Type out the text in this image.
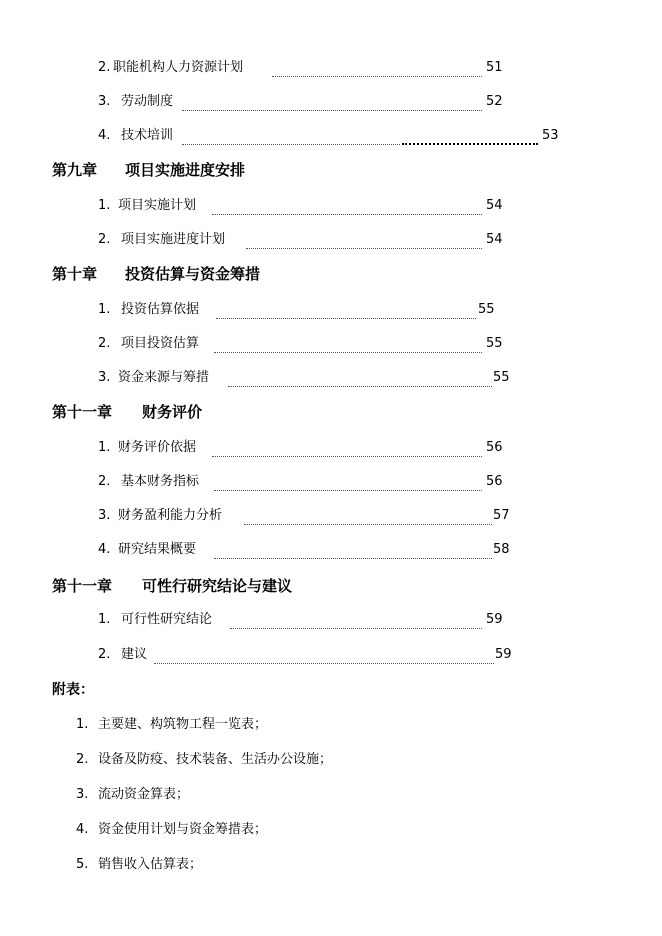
2. 职能机构人力资源计划	51
3. 劳动制度	52
4. 技术培训	53
第九章 项目实施进度安排
1. 项目实施计划	54
2. 项目实施进度计划	54
第十章 投资估算与资金筹措
1. 投资估算依据	55
2. 项目投资估算	55
3. 资金来源与筹措	55
第十一章 财务评价
1. 财务评价依据	56
2. 基本财务指标	56
3. 财务盈利能力分析	57
4. 研究结果概要	58
第十一章 可性行研究结论与建议
1. 可行性研究结论	59
2. 建议	59
附表：
1. 主要建、构筑物工程一览表；
2. 设备及防疫、技术装备、生活办公设施；
3. 流动资金算表；
4. 资金使用计划与资金筹措表；
5. 销售收入估算表；
